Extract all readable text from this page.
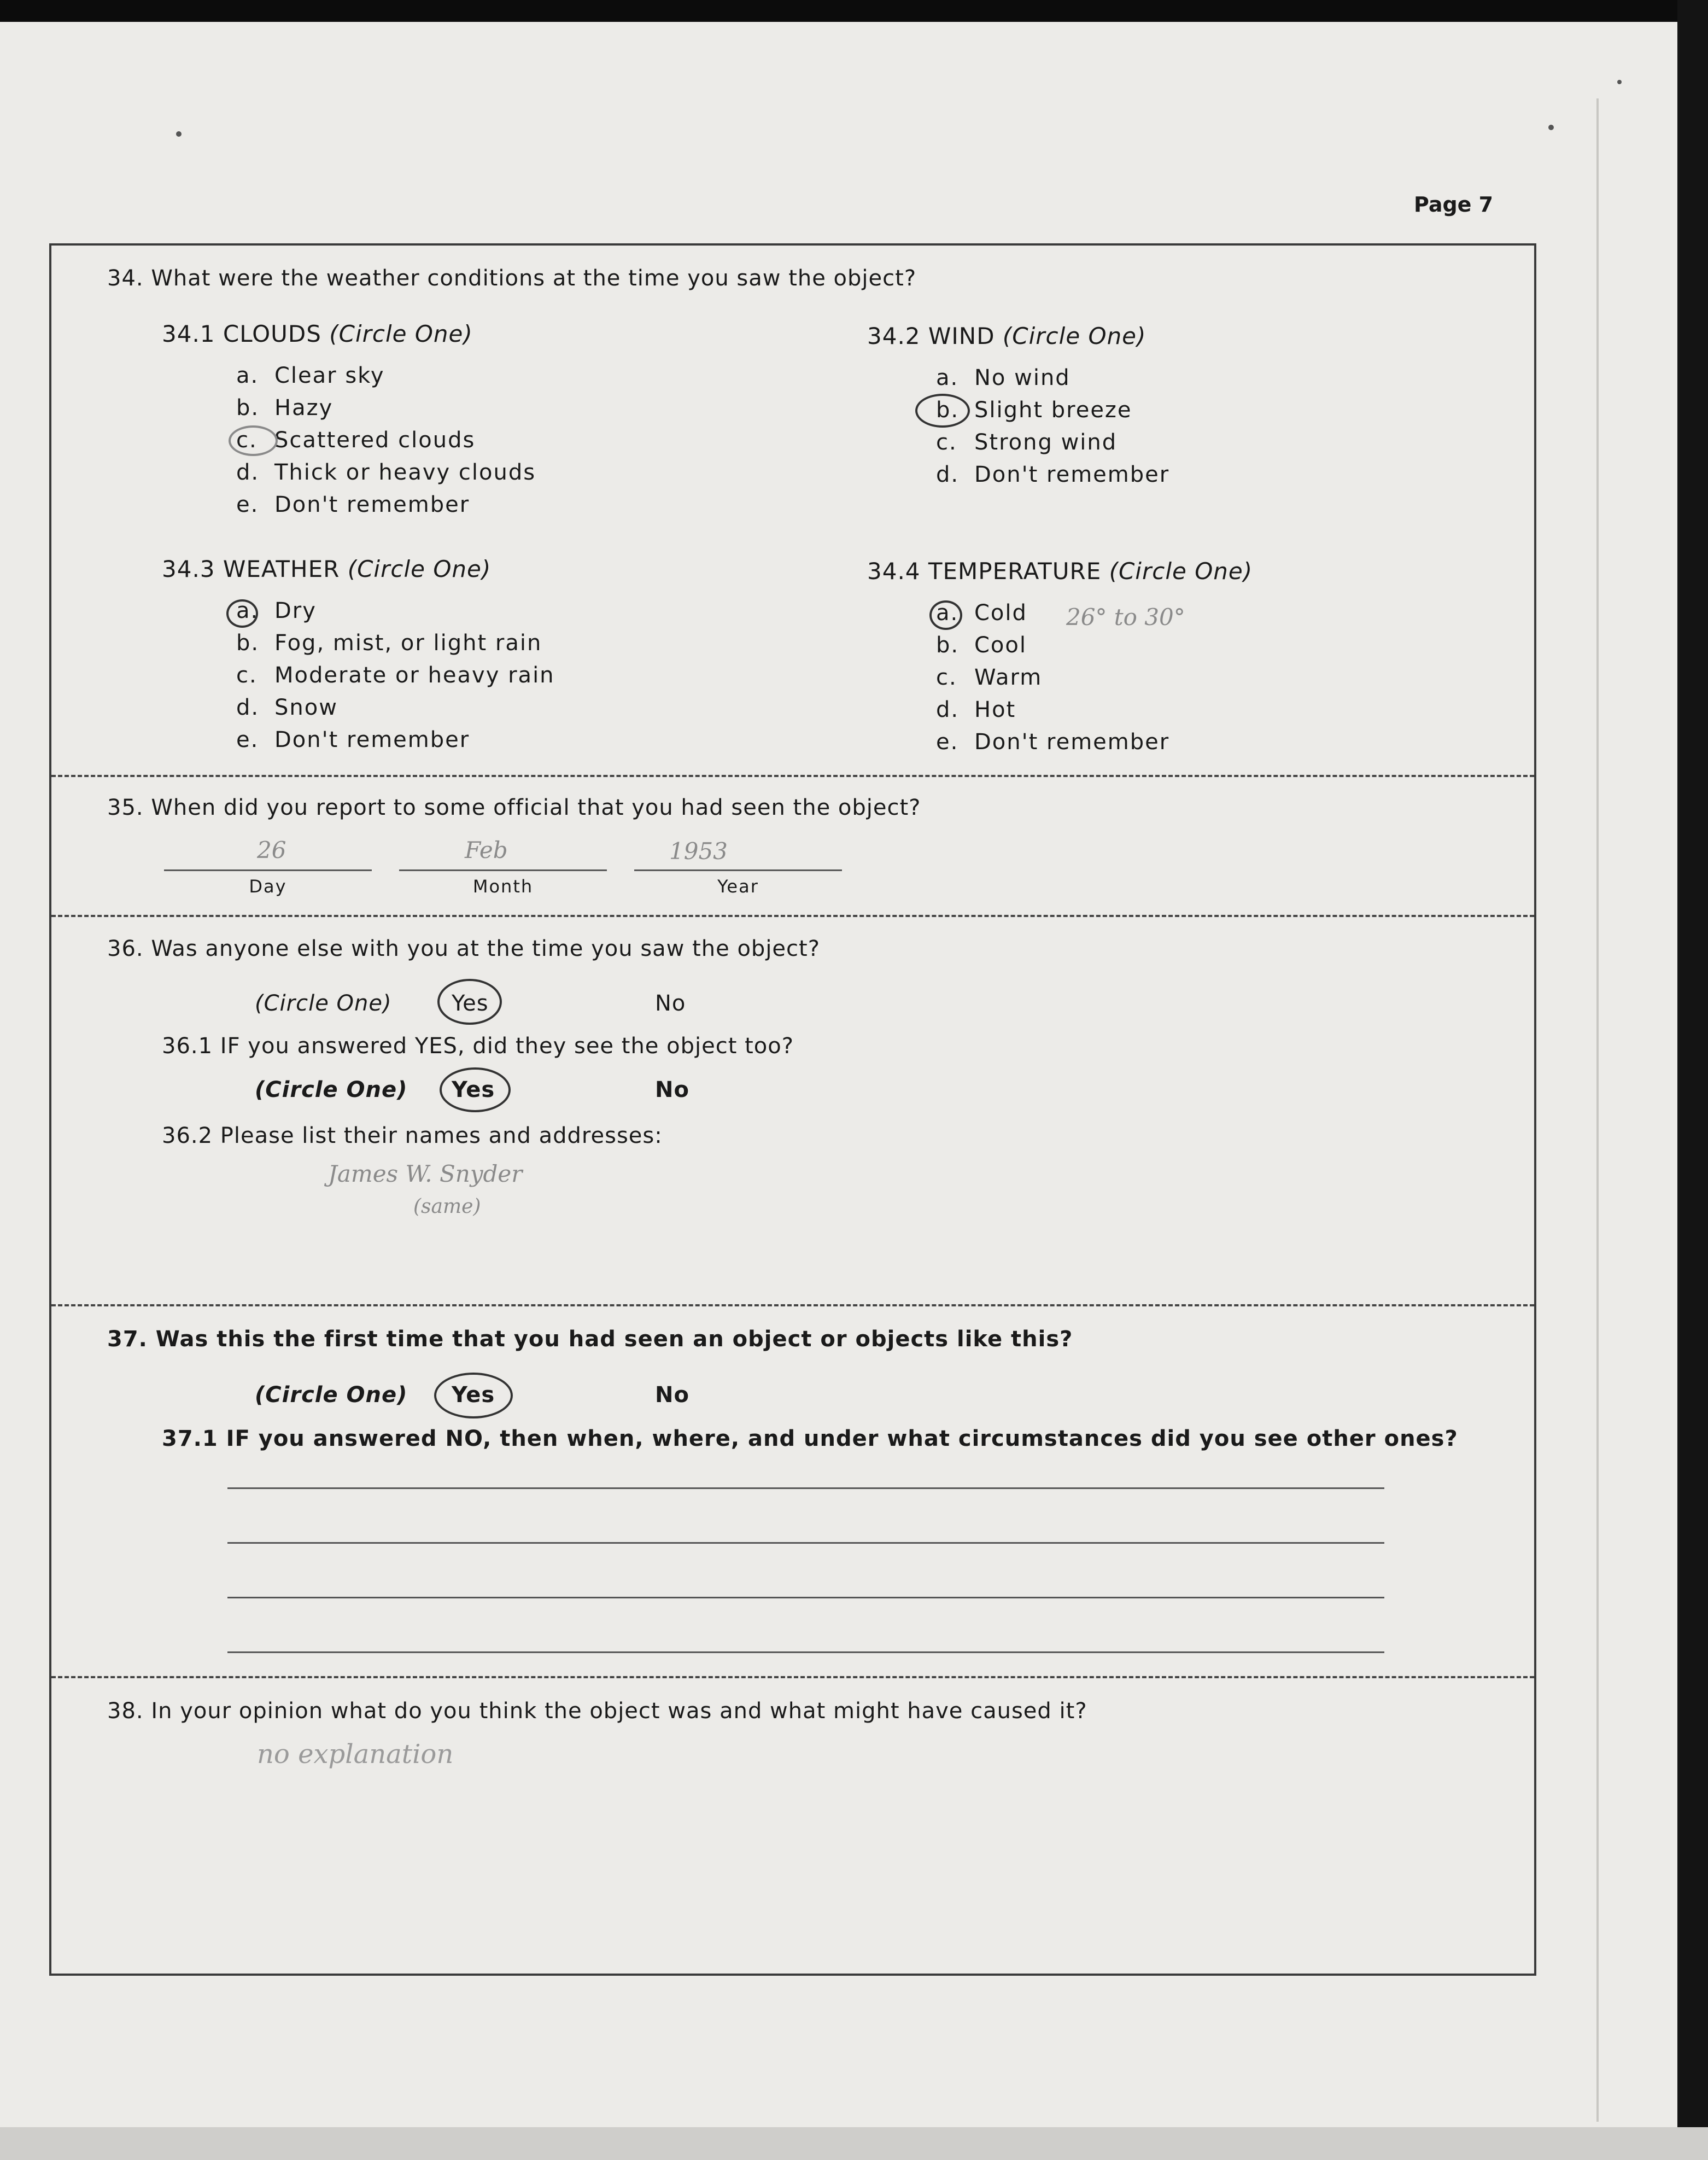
Page 7
34. What were the weather conditions at the time you saw the object?
34.1 CLOUDS (Circle One)
a. Clear sky
b. Hazy
c. Scattered clouds
d. Thick or heavy clouds
e. Don't remember
34.2 WIND (Circle One)
a. No wind
b. Slight breeze
c. Strong wind
d. Don't remember
34.3 WEATHER (Circle One)
a. Dry
b. Fog, mist, or light rain
c. Moderate or heavy rain
d. Snow
e. Don't remember
34.4 TEMPERATURE (Circle One)
a. Cold
b. Cool
c. Warm
d. Hot
e. Don't remember
26° to 30°
35. When did you report to some official that you had seen the object?
26	Feb	1953
Day	Month	Year
36. Was anyone else with you at the time you saw the object?
(Circle One)	Yes	No
36.1 IF you answered YES, did they see the object too?
(Circle One) Yes	No
36.2 Please list their names and addresses:
James W. Snyder
(same)
37. Was this the first time that you had seen an object or objects like this?
(Circle One) Yes	No
37.1 IF you answered NO, then when, where, and under what circumstances did you see other ones?
38. In your opinion what do you think the object was and what might have caused it?
no explanation
